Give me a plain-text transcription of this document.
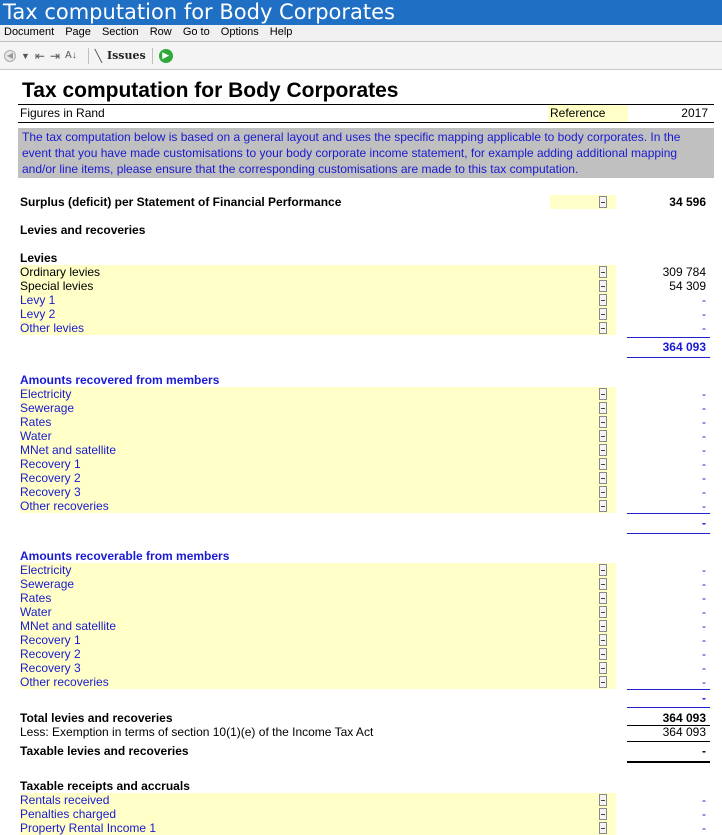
Tax computation for Body Corporates
Document Page Section Row Go to Options Help
◀ ▼ ⇤ ⇥ A↓ ╲ Issues	▶
Tax computation for Body Corporates
Figures in Rand	Reference	2017
The tax computation below is based on a general layout and uses the specific mapping applicable to body corporates. In the event that you have made customisations to your body corporate income statement, for example adding additional mapping and/or line items, please ensure that the corresponding customisations are made to this tax computation.
Surplus (deficit) per Statement of Financial Performance	34 596
Levies and recoveries
Levies
Ordinary levies	309 784
Special levies	54 309
Levy 1	-
Levy 2	-
Other levies	-
364 093
Amounts recovered from members
Electricity	-
Sewerage	-
Rates	-
Water	-
MNet and satellite	-
Recovery 1	-
Recovery 2	-
Recovery 3	-
Other recoveries	-
-
Amounts recoverable from members
Electricity	-
Sewerage	-
Rates	-
Water	-
MNet and satellite	-
Recovery 1	-
Recovery 2	-
Recovery 3	-
Other recoveries	-
-
Total levies and recoveries	364 093
Less: Exemption in terms of section 10(1)(e) of the Income Tax Act	364 093
Taxable levies and recoveries	-
Taxable receipts and accruals
Rentals received	-
Penalties charged	-
Property Rental Income 1	-
